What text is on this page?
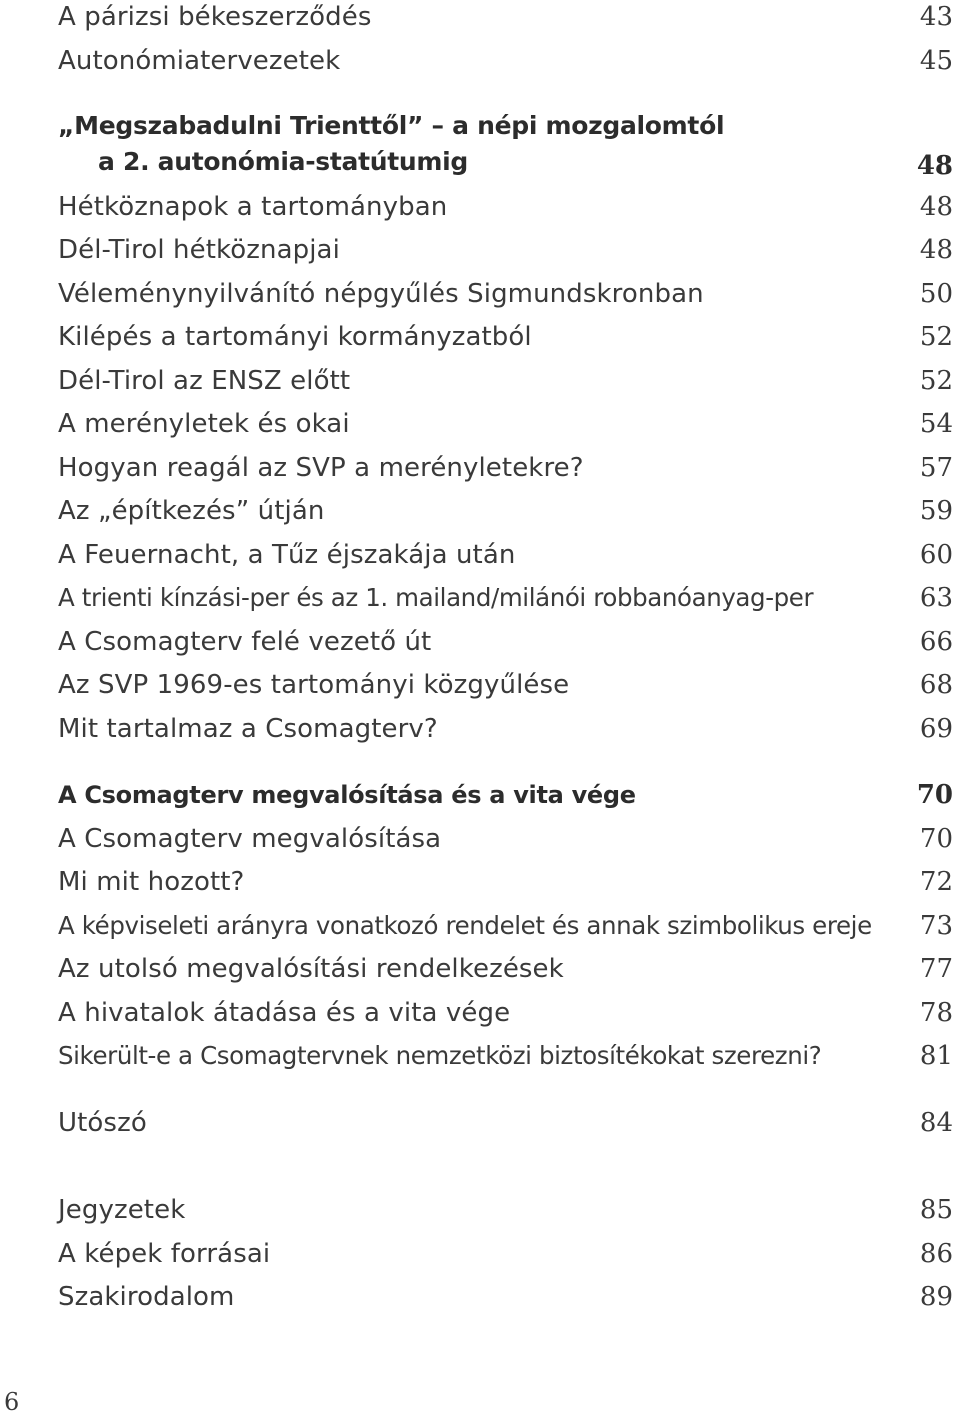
A párizsi békeszerződés	43
Autonómiatervezetek	45
„Megszabadulni Trienttől” – a népi mozgalomtól
a 2. autonómia-statútumig	48
Hétköznapok a tartományban	48
Dél-Tirol hétköznapjai	48
Véleménynyilvánító népgyűlés Sigmundskronban	50
Kilépés a tartományi kormányzatból	52
Dél-Tirol az ENSZ előtt	52
A merényletek és okai	54
Hogyan reagál az SVP a merényletekre?	57
Az „építkezés” útján	59
A Feuernacht, a Tűz éjszakája után	60
A trienti kínzási-per és az 1. mailand/milánói robbanóanyag-per	63
A Csomagterv felé vezető út	66
Az SVP 1969-es tartományi közgyűlése	68
Mit tartalmaz a Csomagterv?	69
A Csomagterv megvalósítása és a vita vége	70
A Csomagterv megvalósítása	70
Mi mit hozott?	72
A képviseleti arányra vonatkozó rendelet és annak szimbolikus ereje 73
Az utolsó megvalósítási rendelkezések	77
A hivatalok átadása és a vita vége	78
Sikerült-e a Csomagtervnek nemzetközi biztosítékokat szerezni?	81
Utószó	84
Jegyzetek	85
A képek forrásai	86
Szakirodalom	89
6
